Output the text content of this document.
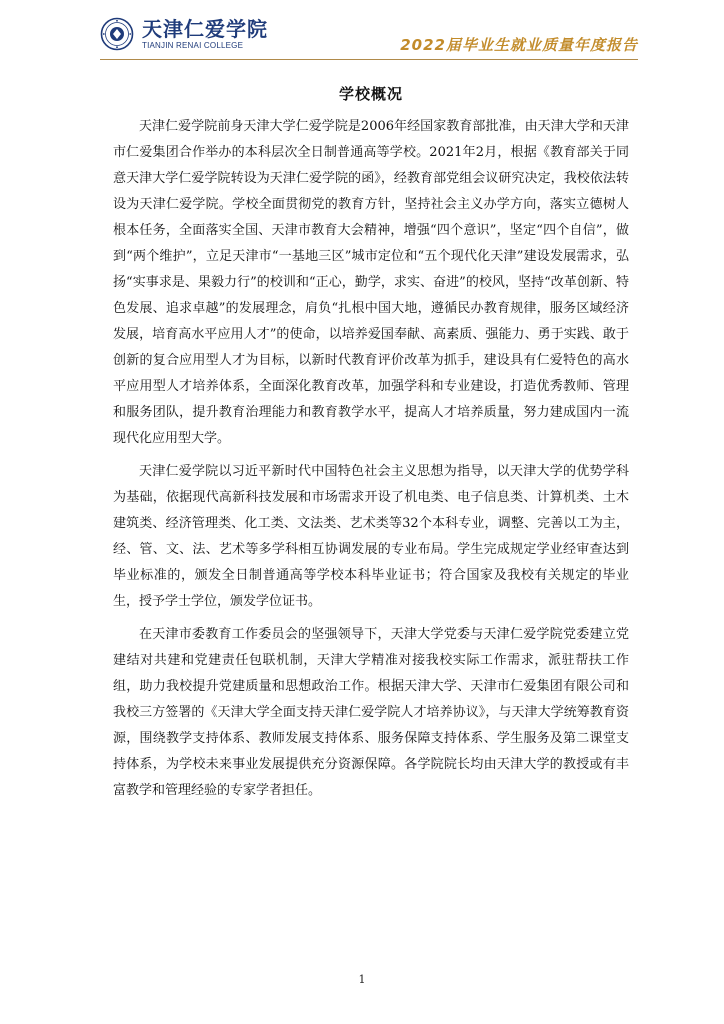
天津仁爱学院
TIANJIN RENAI COLLEGE	2022届毕业生就业质量年度报告
学校概况

天津仁爱学院前身天津大学仁爱学院是2006年经国家教育部批准，由天津大学和天津市仁爱集团合作举办的本科层次全日制普通高等学校。2021年2月，根据《教育部关于同意天津大学仁爱学院转设为天津仁爱学院的函》，经教育部党组会议研究决定，我校依法转设为天津仁爱学院。学校全面贯彻党的教育方针，坚持社会主义办学方向，落实立德树人根本任务，全面落实全国、天津市教育大会精神，增强“四个意识”，坚定“四个自信”，做到“两个维护”，立足天津市“一基地三区”城市定位和“五个现代化天津”建设发展需求，弘扬“实事求是、果毅力行”的校训和“正心，勤学，求实、奋进”的校风，坚持“改革创新、特色发展、追求卓越”的发展理念，肩负“扎根中国大地，遵循民办教育规律，服务区域经济发展，培育高水平应用人才”的使命，以培养爱国奉献、高素质、强能力、勇于实践、敢于创新的复合应用型人才为目标，以新时代教育评价改革为抓手，建设具有仁爱特色的高水平应用型人才培养体系，全面深化教育改革，加强学科和专业建设，打造优秀教师、管理和服务团队，提升教育治理能力和教育教学水平，提高人才培养质量，努力建成国内一流现代化应用型大学。

天津仁爱学院以习近平新时代中国特色社会主义思想为指导，以天津大学的优势学科为基础，依据现代高新科技发展和市场需求开设了机电类、电子信息类、计算机类、土木建筑类、经济管理类、化工类、文法类、艺术类等32个本科专业，调整、完善以工为主，经、管、文、法、艺术等多学科相互协调发展的专业布局。学生完成规定学业经审查达到毕业标准的，颁发全日制普通高等学校本科毕业证书；符合国家及我校有关规定的毕业生，授予学士学位，颁发学位证书。

在天津市委教育工作委员会的坚强领导下，天津大学党委与天津仁爱学院党委建立党建结对共建和党建责任包联机制，天津大学精准对接我校实际工作需求，派驻帮扶工作组，助力我校提升党建质量和思想政治工作。根据天津大学、天津市仁爱集团有限公司和我校三方签署的《天津大学全面支持天津仁爱学院人才培养协议》，与天津大学统筹教育资源，围绕教学支持体系、教师发展支持体系、服务保障支持体系、学生服务及第二课堂支持体系，为学校未来事业发展提供充分资源保障。各学院院长均由天津大学的教授或有丰富教学和管理经验的专家学者担任。

1
